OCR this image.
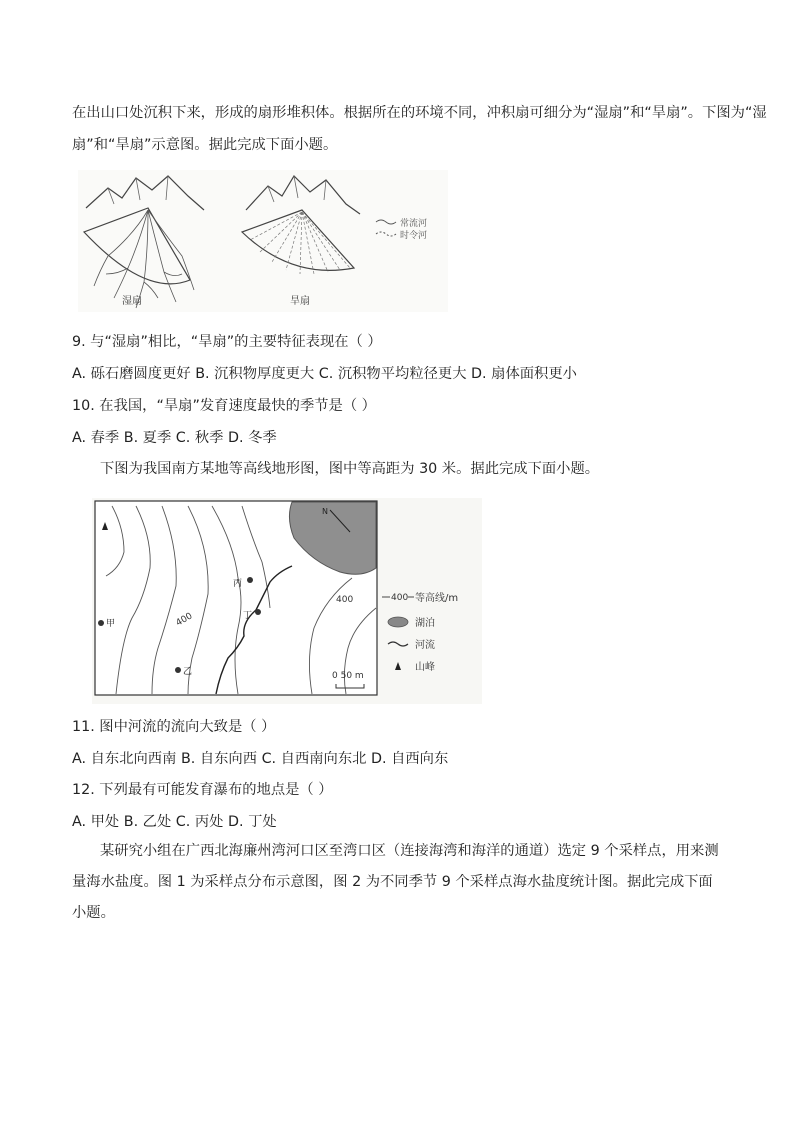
在出山口处沉积下来，形成的扇形堆积体。根据所在的环境不同，冲积扇可细分为“湿扇”和“旱扇”。下图为“湿
扇”和“旱扇”示意图。据此完成下面小题。
湿扇	旱扇
常流河
时令河
9. 与“湿扇”相比，“旱扇”的主要特征表现在（ ）
A. 砾石磨圆度更好 B. 沉积物厚度更大 C. 沉积物平均粒径更大 D. 扇体面积更小
10. 在我国，“旱扇”发育速度最快的季节是（ ）
A. 春季 B. 夏季 C. 秋季 D. 冬季
下图为我国南方某地等高线地形图，图中等高距为 30 米。据此完成下面小题。
N
400
400
甲
乙
丙
丁
0 50 m
400 等高线/m
湖泊
河流
山峰
11. 图中河流的流向大致是（ ）
A. 自东北向西南 B. 自东向西 C. 自西南向东北 D. 自西向东
12. 下列最有可能发育瀑布的地点是（ ）
A. 甲处 B. 乙处 C. 丙处 D. 丁处
某研究小组在广西北海廉州湾河口区至湾口区（连接海湾和海洋的通道）选定 9 个采样点，用来测量海水盐度。图 1 为采样点分布示意图，图 2 为不同季节 9 个采样点海水盐度统计图。据此完成下面小题。
